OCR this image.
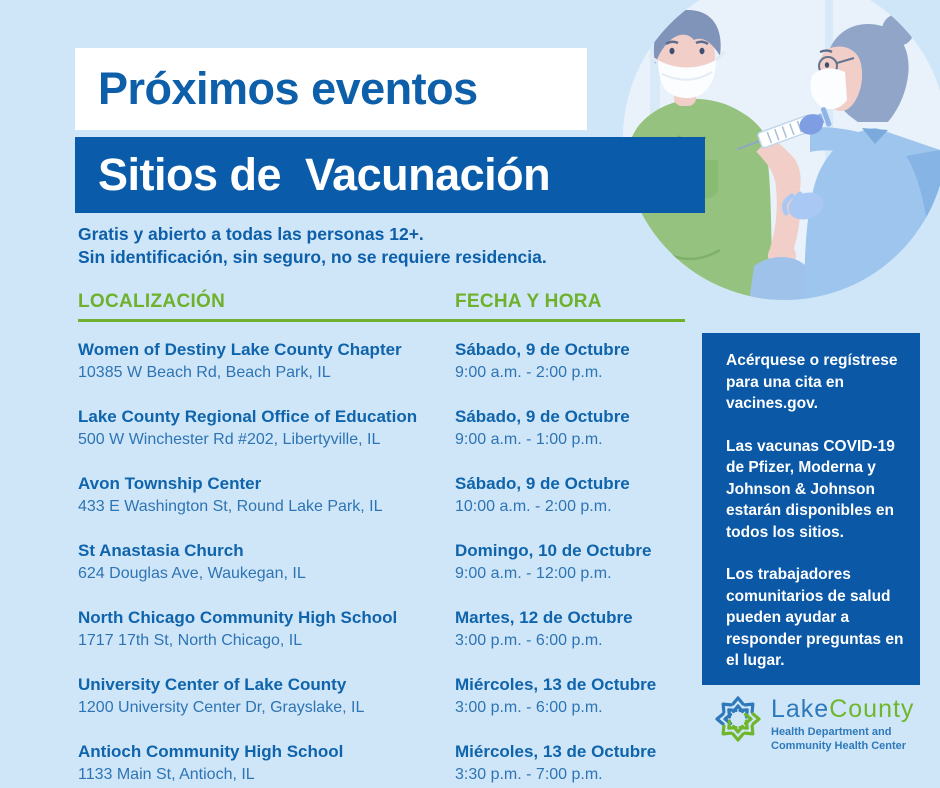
Próximos eventos
Sitios de  Vacunación

Gratis y abierto a todas las personas 12+.
Sin identificación, sin seguro, no se requiere residencia.

LOCALIZACIÓN	FECHA Y HORA
Women of Destiny Lake County Chapter
10385 W Beach Rd, Beach Park, IL
Sábado, 9 de Octubre
9:00 a.m. - 2:00 p.m.
Lake County Regional Office of Education
500 W Winchester Rd #202, Libertyville, IL
Sábado, 9 de Octubre
9:00 a.m. - 1:00 p.m.
Avon Township Center
433 E Washington St, Round Lake Park, IL
Sábado, 9 de Octubre
10:00 a.m. - 2:00 p.m.
St Anastasia Church
624 Douglas Ave, Waukegan, IL
Domingo, 10 de Octubre
9:00 a.m. - 12:00 p.m.
North Chicago Community High School
1717 17th St, North Chicago, IL
Martes, 12 de Octubre
3:00 p.m. - 6:00 p.m.
University Center of Lake County
1200 University Center Dr, Grayslake, IL
Miércoles, 13 de Octubre
3:00 p.m. - 6:00 p.m.
Antioch Community High School
1133 Main St, Antioch, IL
Miércoles, 13 de Octubre
3:30 p.m. - 7:00 p.m.

Acérquese o regístrese para una cita en vacines.gov.

Las vacunas COVID-19 de Pfizer, Moderna y Johnson & Johnson estarán disponibles en todos los sitios.

Los trabajadores comunitarios de salud pueden ayudar a responder preguntas en el lugar.

LakeCounty
Health Department and
Community Health Center
